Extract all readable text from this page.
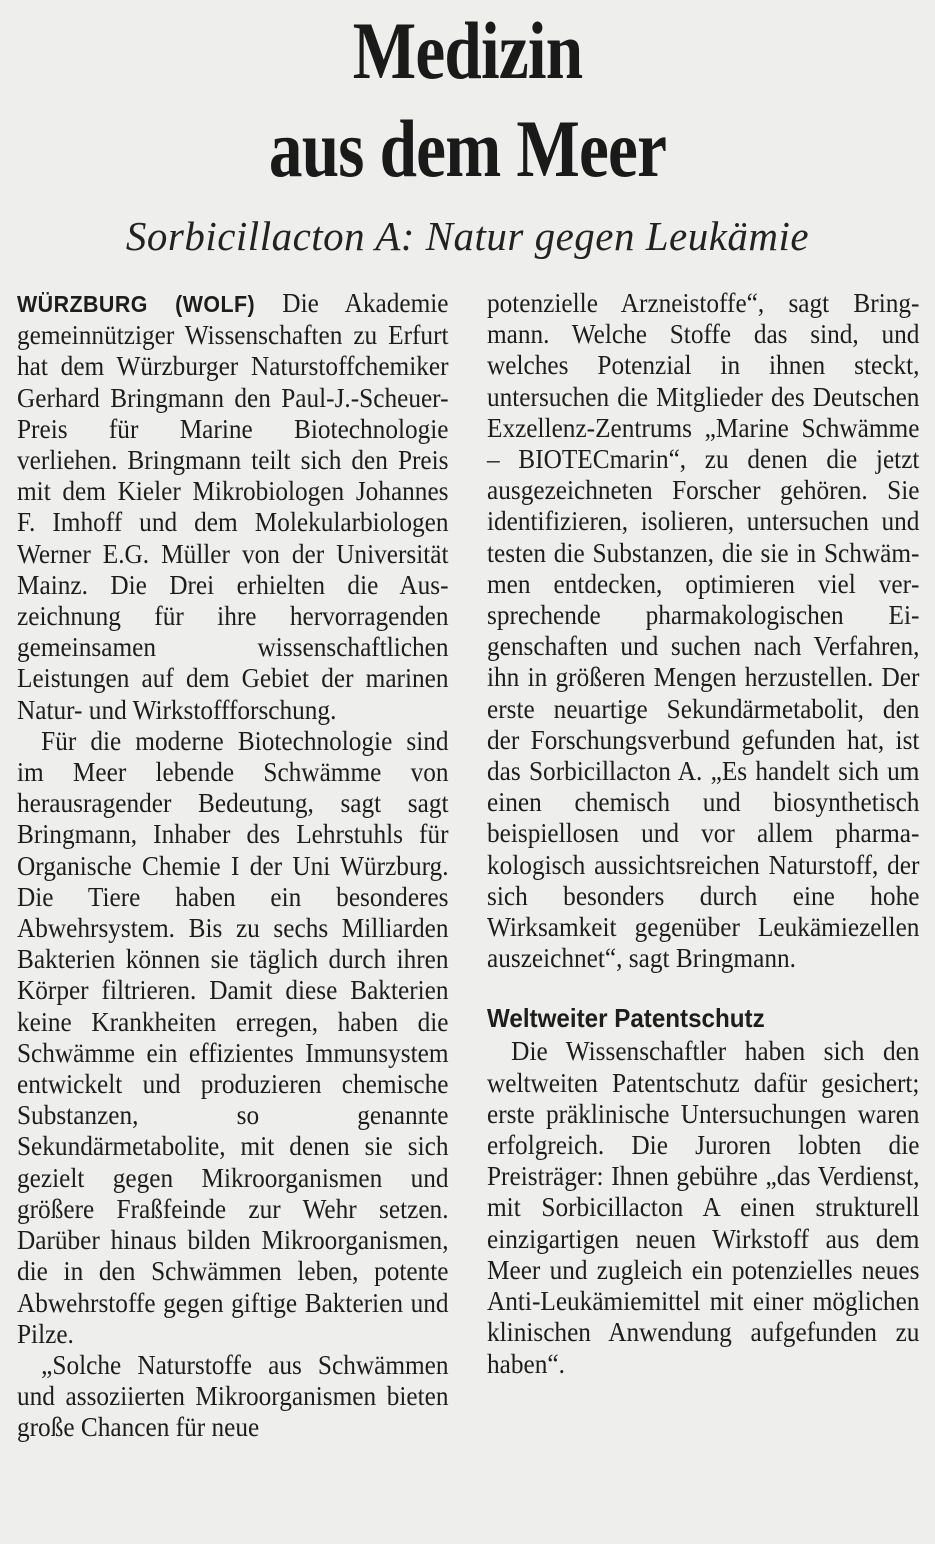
Medizin
aus dem Meer
Sorbicillacton A: Natur gegen Leukämie

WÜRZBURG (WOLF) Die Akademie gemeinnütziger Wissenschaften zu Erfurt hat dem Würzburger Naturstoffchemiker Gerhard Bringmann den Paul-J.-Scheuer-Preis für Marine Biotechnologie verliehen. Bringmann teilt sich den Preis mit dem Kieler Mikrobiologen Johannes F. Imhoff und dem Molekularbiologen Werner E.G. Müller von der Universität Mainz. Die Drei erhielten die Auszeichnung für ihre hervorragenden gemeinsamen wissenschaftlichen Leistungen auf dem Gebiet der marinen Natur- und Wirkstoffforschung.

Für die moderne Biotechnologie sind im Meer lebende Schwämme von herausragender Bedeutung, sagt sagt Bringmann, Inhaber des Lehrstuhls für Organische Chemie I der Uni Würzburg. Die Tiere haben ein besonderes Abwehrsystem. Bis zu sechs Milliarden Bakterien können sie täglich durch ihren Körper filtrieren. Damit diese Bakterien keine Krankheiten erregen, haben die Schwämme ein effizientes Immunsystem entwickelt und produzieren chemische Substanzen, so genannte Sekundärmetabolite, mit denen sie sich gezielt gegen Mikroorganismen und größere Fraßfeinde zur Wehr setzen. Darüber hinaus bilden Mikroorganismen, die in den Schwämmen leben, potente Abwehrstoffe gegen giftige Bakterien und Pilze.

„Solche Naturstoffe aus Schwämmen und assoziierten Mikroorganismen bieten große Chancen für neue

potenzielle Arzneistoffe“, sagt Bringmann. Welche Stoffe das sind, und welches Potenzial in ihnen steckt, untersuchen die Mitglieder des Deutschen Exzellenz-Zentrums „Marine Schwämme – BIOTECmarin“, zu denen die jetzt ausgezeichneten Forscher gehören. Sie identifizieren, isolieren, untersuchen und testen die Substanzen, die sie in Schwämmen entdecken, optimieren viel versprechende pharmakologischen Eigenschaften und suchen nach Verfahren, ihn in größeren Mengen herzustellen. Der erste neuartige Sekundärmetabolit, den der Forschungsverbund gefunden hat, ist das Sorbicillacton A. „Es handelt sich um einen chemisch und biosynthetisch beispiellosen und vor allem pharmakologisch aussichtsreichen Naturstoff, der sich besonders durch eine hohe Wirksamkeit gegenüber Leukämiezellen auszeichnet“, sagt Bringmann.

Weltweiter Patentschutz

Die Wissenschaftler haben sich den weltweiten Patentschutz dafür gesichert; erste präklinische Untersuchungen waren erfolgreich. Die Juroren lobten die Preisträger: Ihnen gebühre „das Verdienst, mit Sorbicillacton A einen strukturell einzigartigen neuen Wirkstoff aus dem Meer und zugleich ein potenzielles neues Anti-Leukämiemittel mit einer möglichen klinischen Anwendung aufgefunden zu haben“.
